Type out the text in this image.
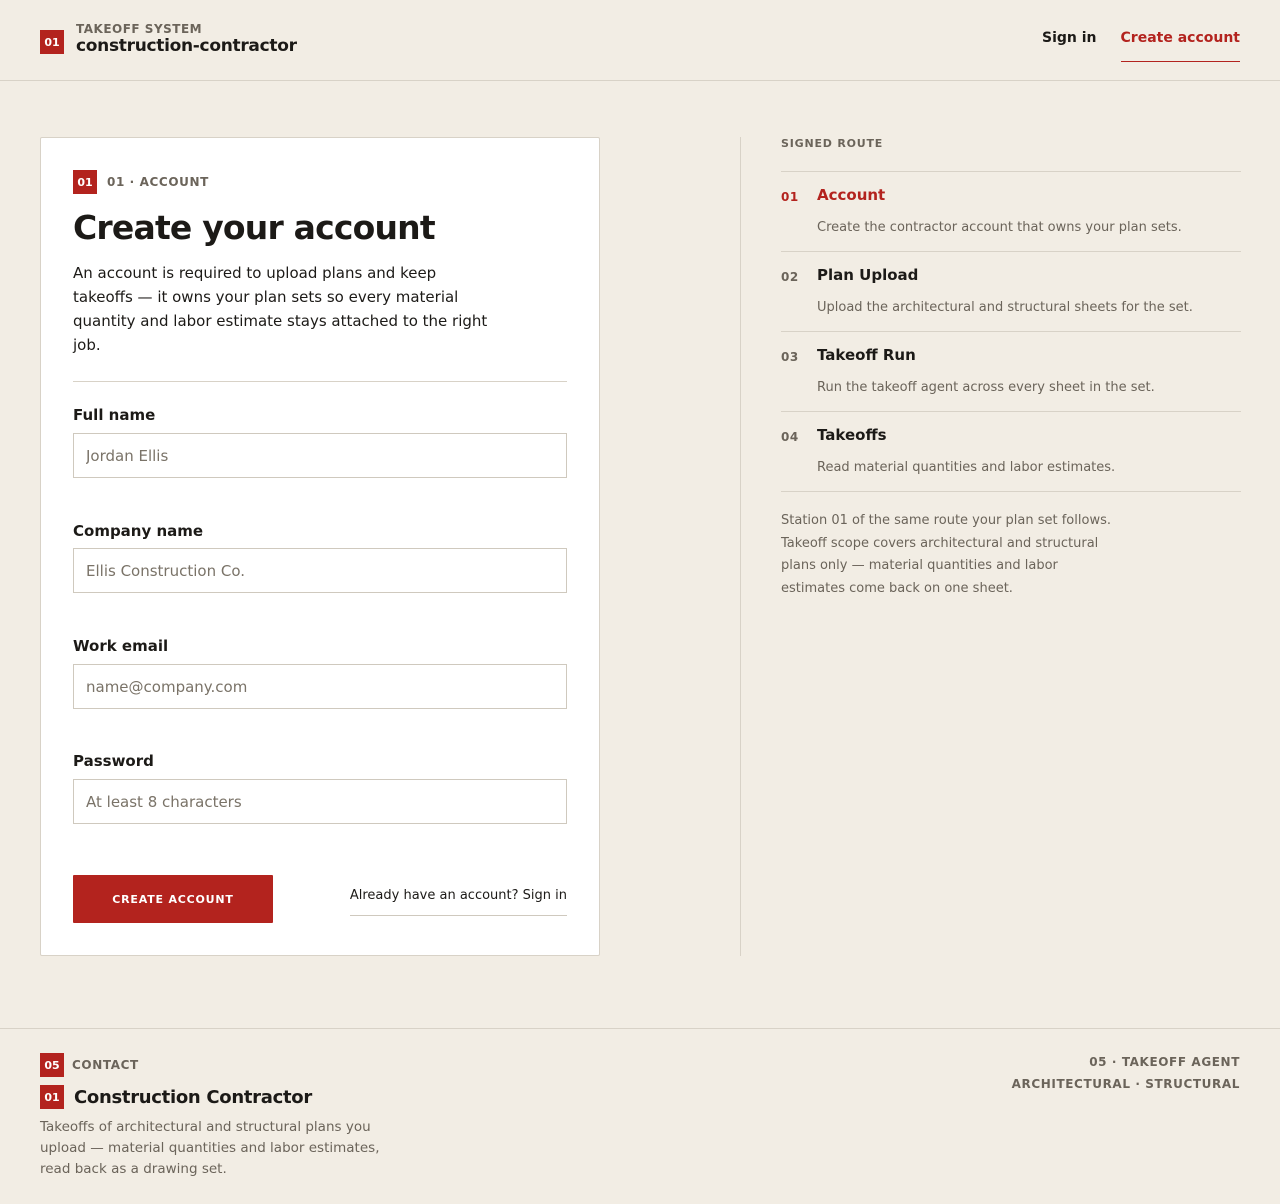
01
TAKEOFF SYSTEM
construction-contractor	Sign in Create account
01	01 · ACCOUNT
Create your account

An account is required to upload plans and keep takeoffs — it owns your plan sets so every material quantity and labor estimate stays attached to the right job.

Full name
Jordan Ellis
Company name
Ellis Construction Co.
Work email
name@company.com
Password
CREATE ACCOUNT	Already have an account? Sign in
SIGNED ROUTE
01 Account
Create the contractor account that owns your plan sets.
02 Plan Upload
Upload the architectural and structural sheets for the set.
03 Takeoff Run
Run the takeoff agent across every sheet in the set.
04 Takeoffs
Read material quantities and labor estimates.

Station 01 of the same route your plan set follows. Takeoff scope covers architectural and structural plans only — material quantities and labor estimates come back on one sheet.

05	CONTACT
01 Construction Contractor

Takeoffs of architectural and structural plans you upload — material quantities and labor estimates, read back as a drawing set.

05 · TAKEOFF AGENT
ARCHITECTURAL · STRUCTURAL
